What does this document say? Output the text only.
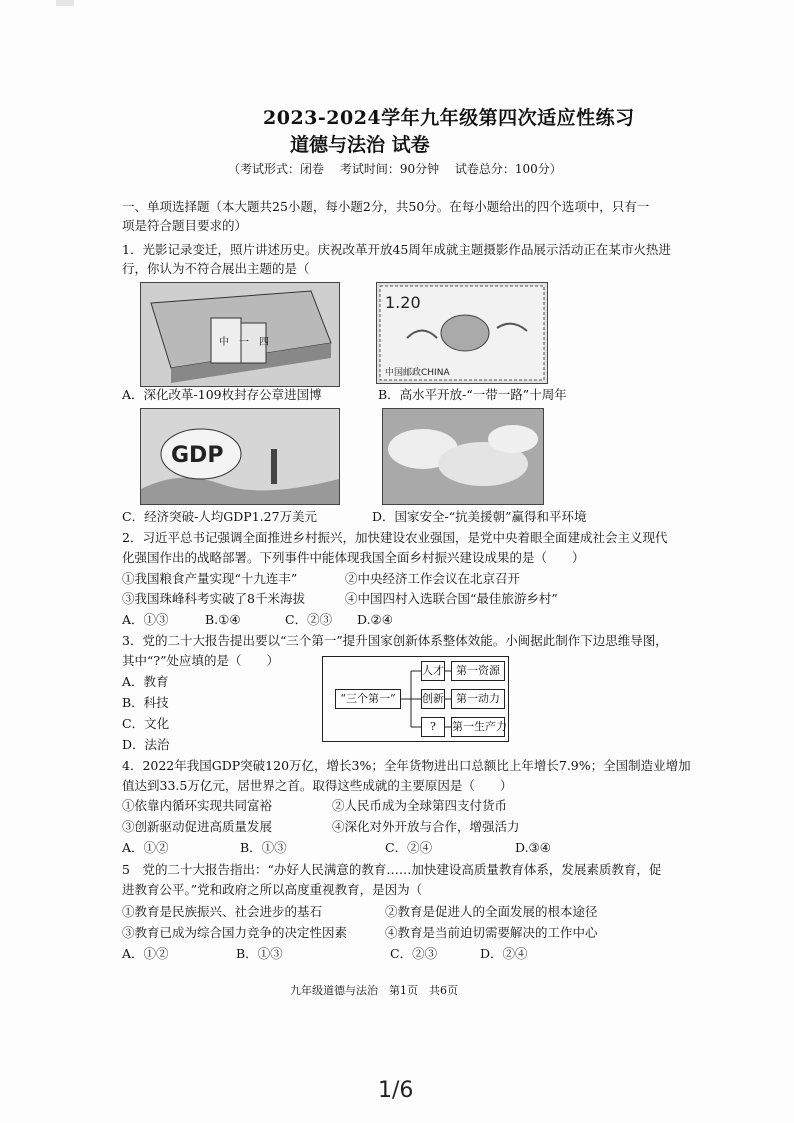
2023-2024学年九年级第四次适应性练习
道德与法治 试卷
（考试形式：闭卷　 考试时间：90分钟　 试卷总分：100分）
一、单项选择题（本大题共25小题，每小题2分，共50分。在每小题给出的四个选项中，只有一
项是符合题目要求的）
1．光影记录变迁，照片讲述历史。庆祝改革开放45周年成就主题摄影作品展示活动正在某市火热进
行，你认为不符合展出主题的是（
中　一　四
1.20
中国邮政CHINA
A．深化改革-109枚封存公章进国博	B．高水平开放-“一带一路”十周年
GDP
C．经济突破-人均GDP1.27万美元	D．国家安全-“抗美援朝”赢得和平环境
2．习近平总书记强调全面推进乡村振兴，加快建设农业强国，是党中央着眼全面建成社会主义现代
化强国作出的战略部署。下列事件中能体现我国全面乡村振兴建设成果的是（　　）
①我国粮食产量实现“十九连丰”	②中央经济工作会议在北京召开
③我国珠峰科考实破了8千米海拔	④中国四村入选联合国“最佳旅游乡村”
A．①③	B.①④	C．②③ D.②④
3．党的二十大报告提出要以“三个第一”提升国家创新体系整体效能。小闽据此制作下边思维导图，
其中“?”处应填的是（　　）
A．教育
B．科技
C．文化
D．法治
“三个第一”
人才
创新
?
第一资源
第一动力
第一生产力
4．2022年我国GDP突破120万亿，增长3%；全年货物进出口总额比上年增长7.9%；全国制造业增加
值达到33.5万亿元，居世界之首。取得这些成就的主要原因是（　　）
①依靠内循环实现共同富裕	②人民币成为全球第四支付货币
③创新驱动促进高质量发展	④深化对外开放与合作，增强活力
A．①②	B．①③	C．②④	D.③④
5　党的二十大报告指出：“办好人民满意的教育……加快建设高质量教育体系，发展素质教育，促
进教育公平。”党和政府之所以高度重视教育，是因为（
①教育是民族振兴、社会进步的基石	②教育是促进人的全面发展的根本途径
③教育已成为综合国力竞争的决定性因素	④教育是当前迫切需要解决的工作中心
A．①②	B．①③	C．②③	D．②④
九年级道德与法治　第1页　共6页
1/6
